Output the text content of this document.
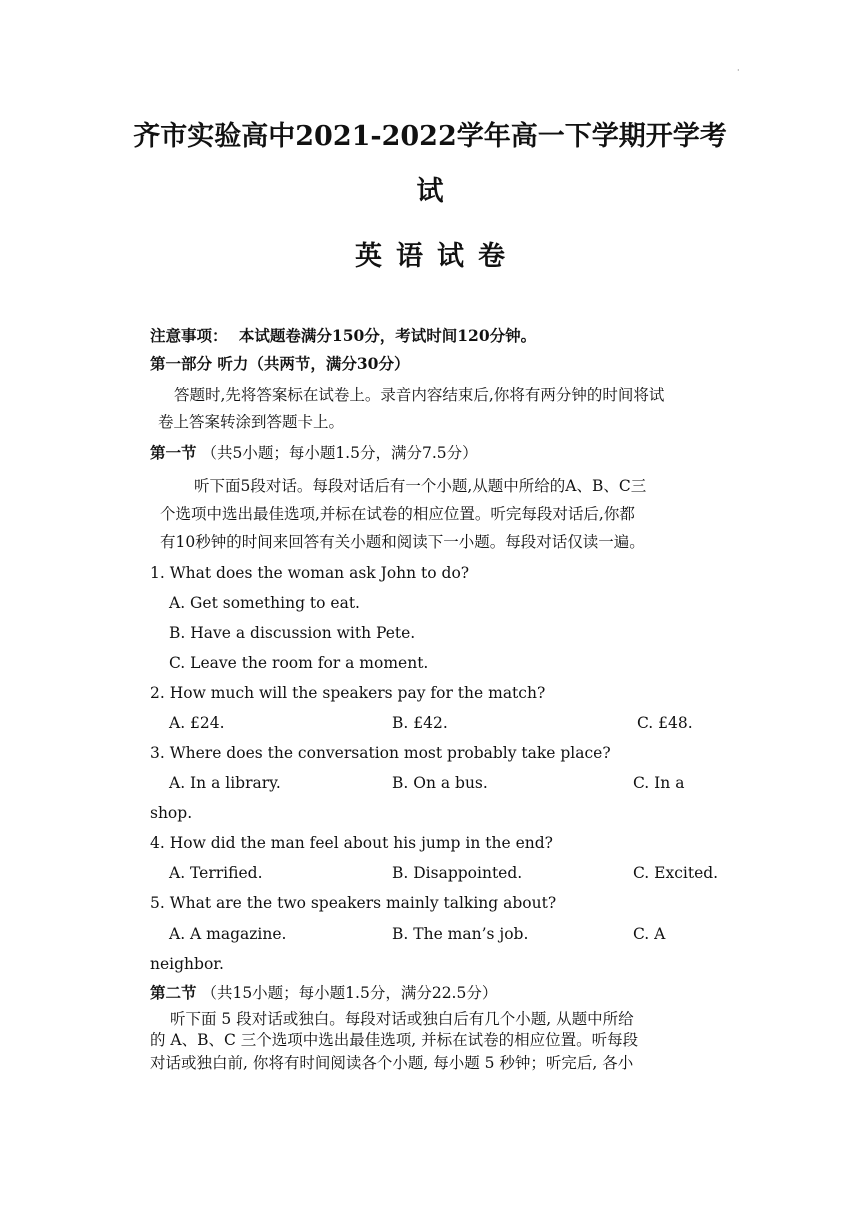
·
齐市实验高中2021-2022学年高一下学期开学考
试
英语试卷
注意事项： 本试题卷满分150分，考试时间120分钟。
第一部分 听力（共两节，满分30分）
答题时,先将答案标在试卷上。录音内容结束后,你将有两分钟的时间将试
卷上答案转涂到答题卡上。
第一节 （共5小题；每小题1.5分，满分7.5分）
听下面5段对话。每段对话后有一个小题,从题中所给的A、B、C三
个选项中选出最佳选项,并标在试卷的相应位置。听完每段对话后,你都
有10秒钟的时间来回答有关小题和阅读下一小题。每段对话仅读一遍。
1. What does the woman ask John to do?
A. Get something to eat.
B. Have a discussion with Pete.
C. Leave the room for a moment.
2. How much will the speakers pay for the match?
A. £24.	B. £42.	C. £48.
3. Where does the conversation most probably take place?
A. In a library.	B. On a bus.	C. In a
shop.
4. How did the man feel about his jump in the end?
A. Terrified.	B. Disappointed.	C. Excited.
5. What are the two speakers mainly talking about?
A. A magazine.	B. The man’s job.	C. A
neighbor.
第二节 （共15小题；每小题1.5分，满分22.5分）
听下面 5 段对话或独白。每段对话或独白后有几个小题, 从题中所给
的 A、B、C 三个选项中选出最佳选项, 并标在试卷的相应位置。听每段
对话或独白前, 你将有时间阅读各个小题, 每小题 5 秒钟；听完后, 各小
